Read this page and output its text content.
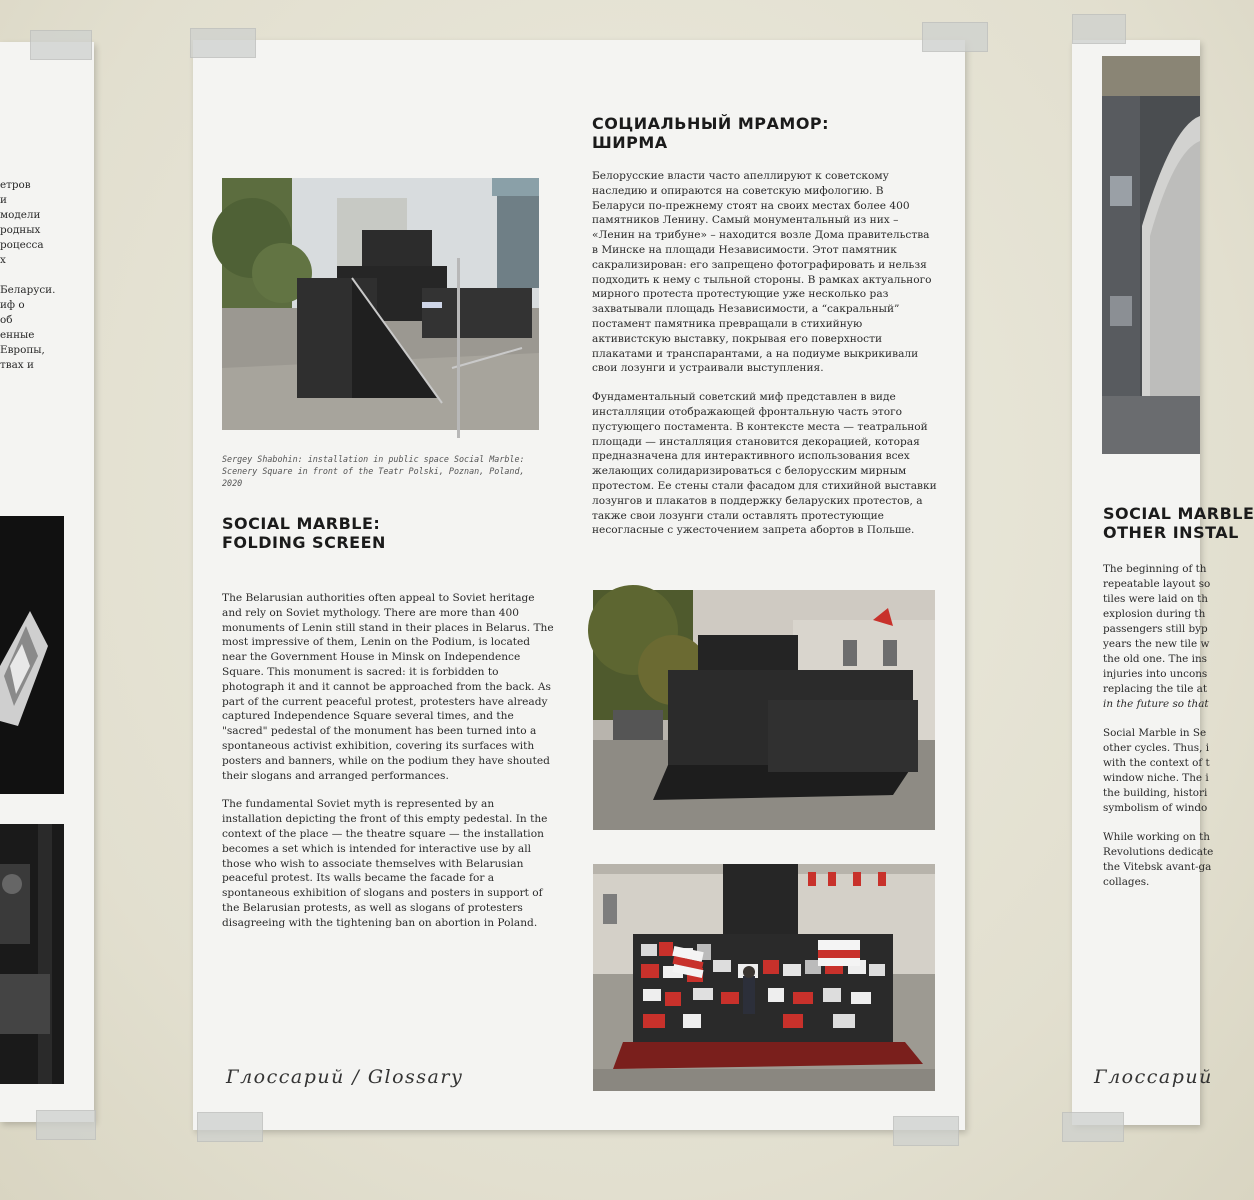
етров
и
модели
родных
роцесса
х
Беларуси.
иф о
об
енные
Европы,
твах и
СОЦИАЛЬНЫЙ МРАМОР:
ШИРМА

Sergey Shabohin: installation in public space Social Marble: Scenery Square in front of the Teatr Polski, Poznan, Poland, 2020

Белорусские власти часто апеллируют к советскому наследию и опираются на советскую мифологию. В Беларуси по-прежнему стоят на своих местах более 400 памятников Ленину. Самый монументальный из них – «Ленин на трибуне» – находится возле Дома правительства в Минске на площади Независимости. Этот памятник сакрализирован: его запрещено фотографировать и нельзя подходить к нему с тыльной стороны. В рамках актуального мирного протеста протестующие уже несколько раз захватывали площадь Независимости, а “сакральный” постамент памятника превращали в стихийную активистскую выставку, покрывая его поверхности плакатами и транспарантами, а на подиуме выкрикивали свои лозунги и устраивали выступления.

Фундаментальный советский миф представлен в виде инсталляции отображающей фронтальную часть этого пустующего постамента. В контексте места — театральной площади — инсталляция становится декорацией, которая предназначена для интерактивного использования всех желающих солидаризироваться с белорусским мирным протестом. Ее стены стали фасадом для стихийной выставки лозунгов и плакатов в поддержку беларуских протестов, а также свои лозунги стали оставлять протестующие несогласные с ужесточением запрета абортов в Польше.

SOCIAL MARBLE:
FOLDING SCREEN

The Belarusian authorities often appeal to Soviet heritage and rely on Soviet mythology. There are more than 400 monuments of Lenin still stand in their places in Belarus. The most impressive of them, Lenin on the Podium, is located near the Government House in Minsk on Independence Square. This monument is sacred: it is forbidden to photograph it and it cannot be approached from the back. As part of the current peaceful protest, protesters have already captured Independence Square several times, and the "sacred" pedestal of the monument has been turned into a spontaneous activist exhibition, covering its surfaces with posters and banners, while on the podium they have shouted their slogans and arranged performances.

The fundamental Soviet myth is represented by an installation depicting the front of this empty pedestal. In the context of the place — the theatre square — the installation becomes a set which is intended for interactive use by all those who wish to associate themselves with Belarusian peaceful protest. Its walls became the facade for a spontaneous exhibition of slogans and posters in support of the Belarusian protests, as well as slogans of protesters disagreeing with the tightening ban on abortion in Poland.

Глоссарий / Glossary

SOCIAL MARBLE
OTHER INSTAL
The beginning of th
repeatable layout so
tiles were laid on th
explosion during th
passengers still byp
years the new tile w
the old one. The ins
injuries into uncons
replacing the tile at
in the future so that
Social Marble in Se
other cycles. Thus, i
with the context of t
window niche. The i
the building, histori
symbolism of windo
While working on th
Revolutions dedicate
the Vitebsk avant-ga
collages.

Глоссарий
